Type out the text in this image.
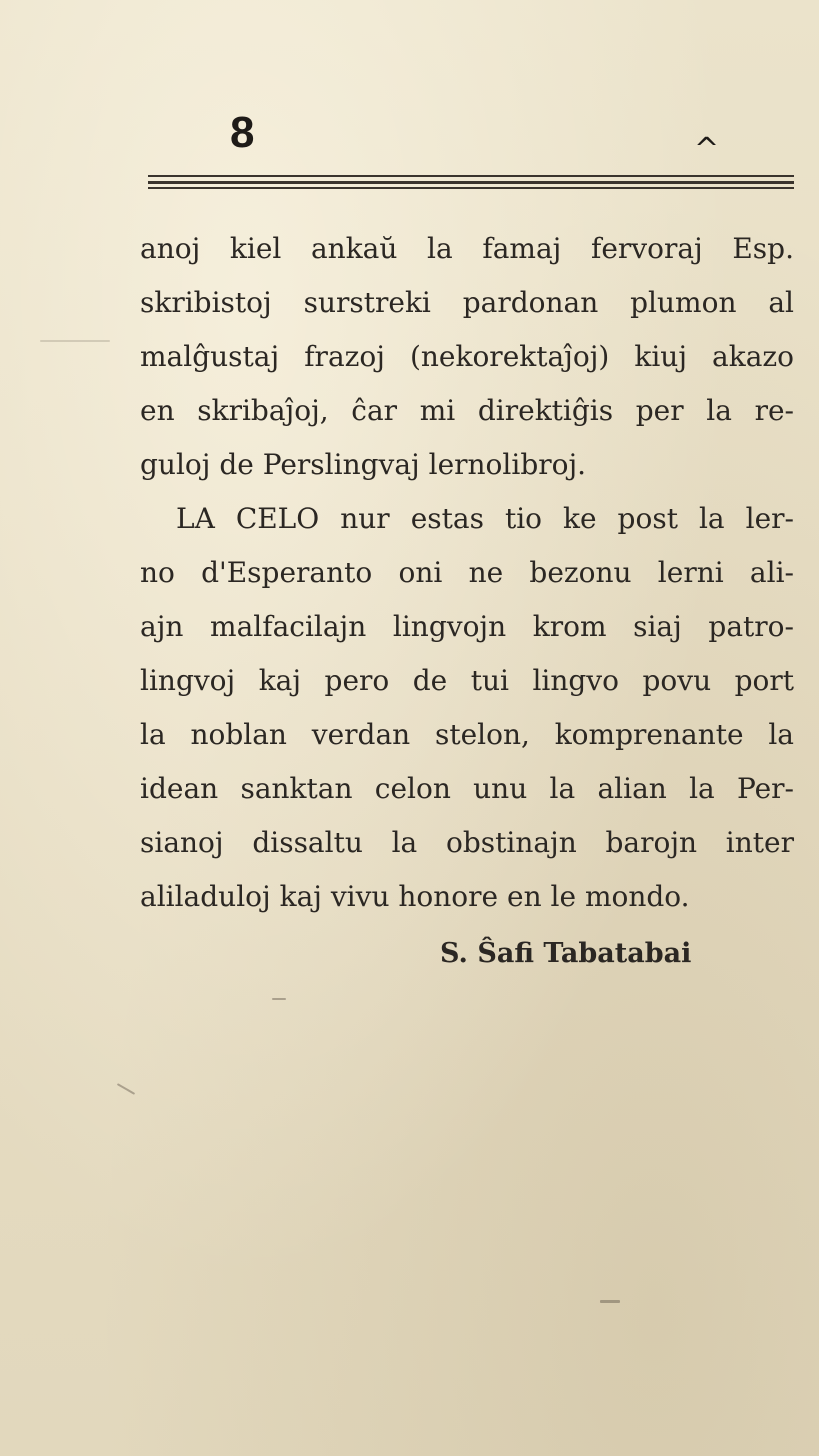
8	^
anoj kiel ankaŭ la famaj fervoraj Esp.
skribistoj surstreki pardonan plumon al
malĝustaj frazoj (nekorektaĵoj) kiuj akazo
en skribaĵoj, ĉar mi direktiĝis per la re-
guloj de Perslingvaj lernolibroj.
LA CELO nur estas tio ke post la ler-
no d'Esperanto oni ne bezonu lerni ali-
ajn malfacilajn lingvojn krom siaj patro-
lingvoj kaj pero de tui lingvo povu port
la noblan verdan stelon, komprenante la
idean sanktan celon unu la alian la Per-
sianoj dissaltu la obstinajn barojn inter
aliladuloj kaj vivu honore en le mondo.
S. Ŝafi Tabatabai
